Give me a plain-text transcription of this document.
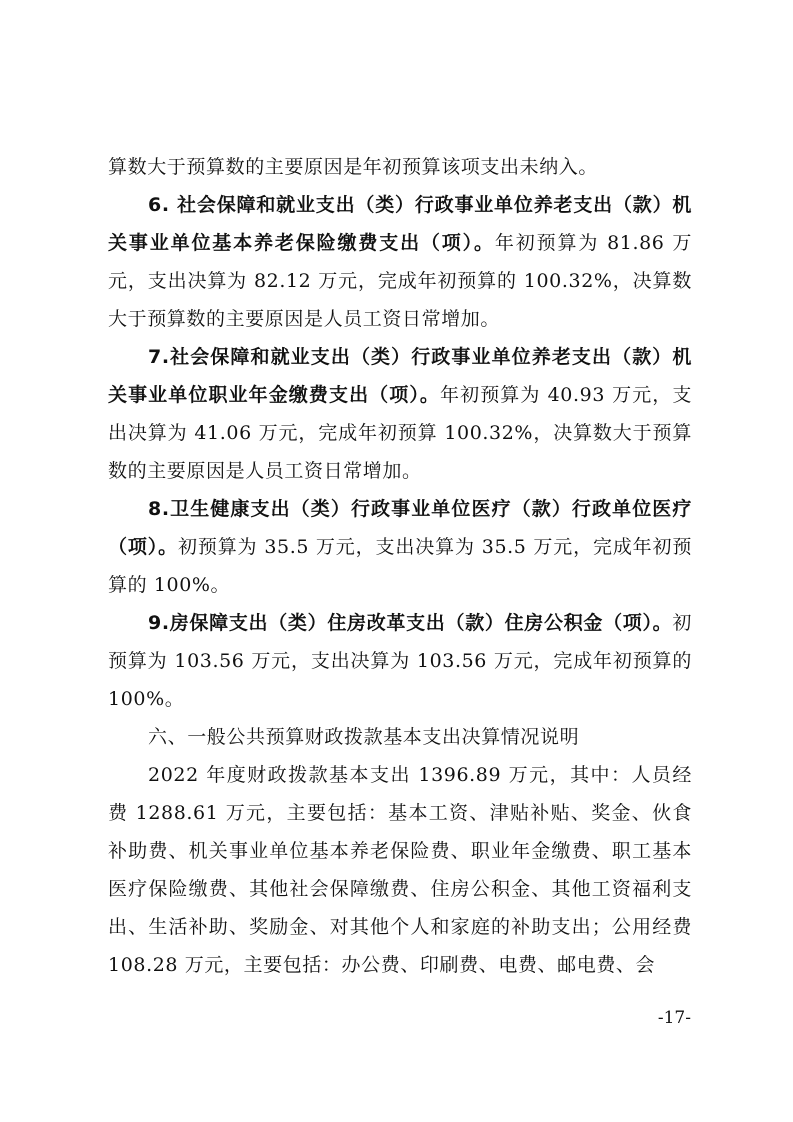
算数大于预算数的主要原因是年初预算该项支出未纳入。

6. 社会保障和就业支出（类）行政事业单位养老支出（款）机关事业单位基本养老保险缴费支出（项）。年初预算为 81.86 万元，支出决算为 82.12 万元，完成年初预算的 100.32%，决算数大于预算数的主要原因是人员工资日常增加。

7.社会保障和就业支出（类）行政事业单位养老支出（款）机关事业单位职业年金缴费支出（项）。年初预算为 40.93 万元，支出决算为 41.06 万元，完成年初预算 100.32%，决算数大于预算数的主要原因是人员工资日常增加。

8.卫生健康支出（类）行政事业单位医疗（款）行政单位医疗（项）。初预算为 35.5 万元，支出决算为 35.5 万元，完成年初预算的 100%。

9.房保障支出（类）住房改革支出（款）住房公积金（项）。初预算为 103.56 万元，支出决算为 103.56 万元，完成年初预算的 100%。

六、一般公共预算财政拨款基本支出决算情况说明

2022 年度财政拨款基本支出 1396.89 万元，其中：人员经费 1288.61 万元，主要包括：基本工资、津贴补贴、奖金、伙食补助费、机关事业单位基本养老保险费、职业年金缴费、职工基本医疗保险缴费、其他社会保障缴费、住房公积金、其他工资福利支出、生活补助、奖励金、对其他个人和家庭的补助支出；公用经费 108.28 万元，主要包括：办公费、印刷费、电费、邮电费、会

-17-
